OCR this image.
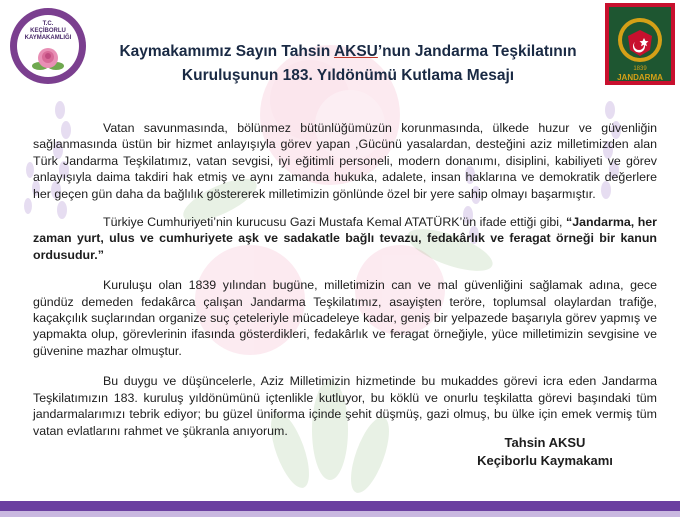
T.C.
KEÇİBORLU
KAYMAKAMLIĞI
1839
JANDARMA
Kaymakamımız Sayın Tahsin AKSU’nun Jandarma Teşkilatının
Kuruluşunun 183. Yıldönümü Kutlama Mesajı

Vatan savunmasında, bölünmez bütünlüğümüzün korunmasında, ülkede huzur ve güvenliğin sağlanmasında üstün bir hizmet anlayışıyla görev yapan ,Gücünü yasalardan, desteğini aziz milletimizden alan Türk Jandarma Teşkilatımız, vatan sevgisi, iyi eğitimli personeli, modern donanımı, disiplini, kabiliyeti ve görev anlayışıyla daima takdiri hak etmiş ve aynı zamanda hukuka, adalete, insan haklarına ve demokratik değerlere her geçen gün daha da bağlılık göstererek milletimizin gönlünde özel bir yere sahip olmayı başarmıştır.

Türkiye Cumhuriyeti’nin kurucusu Gazi Mustafa Kemal ATATÜRK’ün ifade ettiği gibi, “Jandarma, her zaman yurt, ulus ve cumhuriyete aşk ve sadakatle bağlı tevazu, fedakârlık ve feragat örneği bir kanun ordusudur.”

Kuruluşu olan 1839 yılından bugüne, milletimizin can ve mal güvenliğini sağlamak adına, gece gündüz demeden fedakârca çalışan Jandarma Teşkilatımız, asayişten teröre, toplumsal olaylardan trafiğe, kaçakçılık suçlarından organize suç çeteleriyle mücadeleye kadar, geniş bir yelpazede başarıyla görev yapmış ve yapmakta olup, görevlerinin ifasında gösterdikleri, fedakârlık ve feragat örneğiyle, yüce milletimizin sevgisine ve güvenine mazhar olmuştur.

Bu duygu ve düşüncelerle, Aziz Milletimizin hizmetinde bu mukaddes görevi icra eden Jandarma Teşkilatımızın 183. kuruluş yıldönümünü içtenlikle kutluyor, bu köklü ve onurlu teşkilatta görevi başındaki tüm jandarmalarımızı tebrik ediyor; bu güzel üniforma içinde şehit düşmüş, gazi olmuş, bu ülke için emek vermiş tüm vatan evlatlarını rahmet ve şükranla anıyorum.

Tahsin AKSU
Keçiborlu Kaymakamı
